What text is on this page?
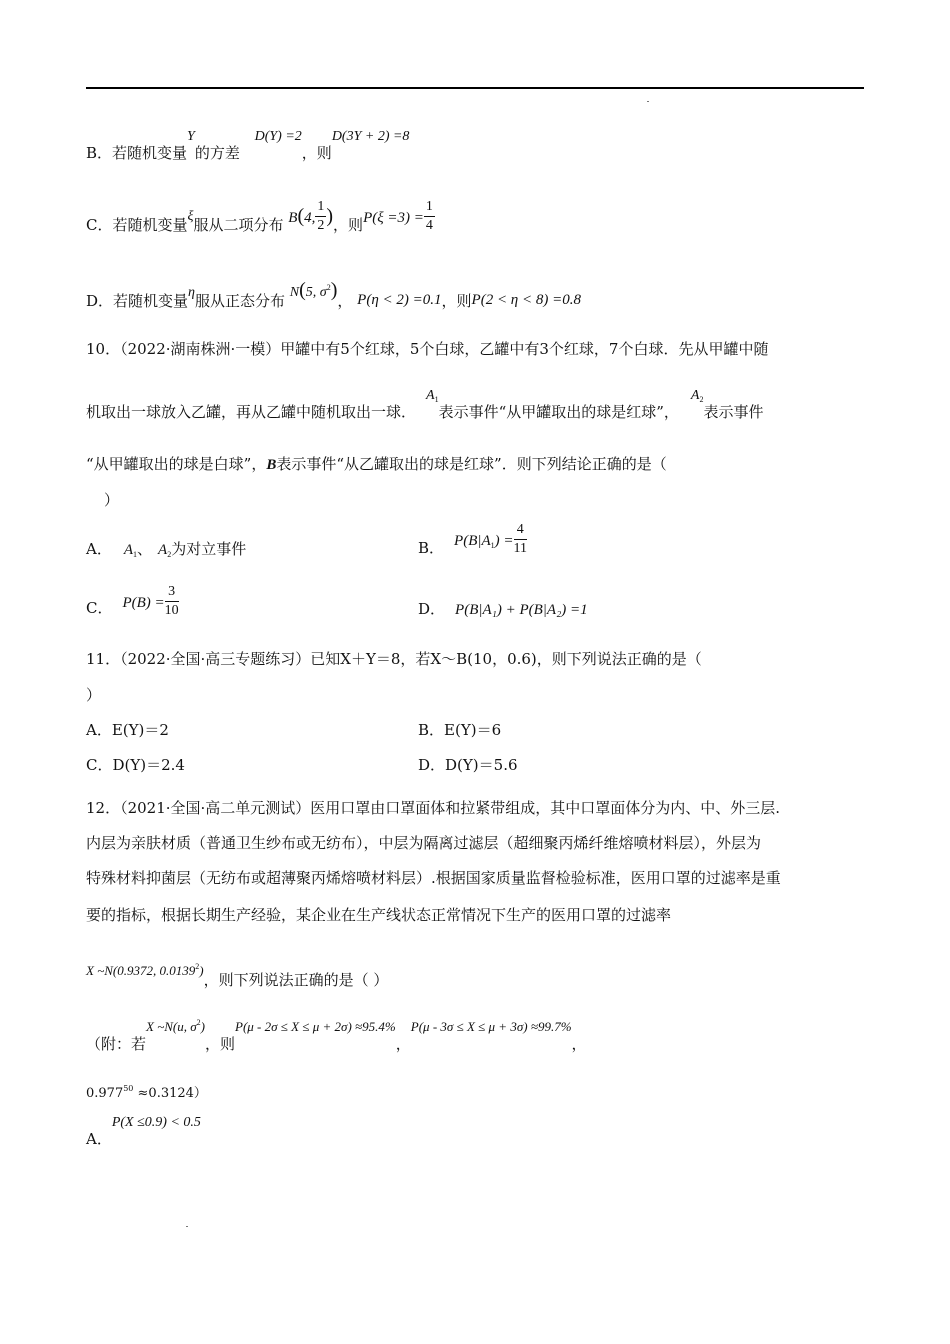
B．若随机变量Y的方差 D(Y) =2，则D(3Y + 2) =8
C．若随机变量ξ服从二项分布 B(4, $\frac{1}{2}$ )，则$P(\xi =3) = \frac{1}{4}$
D．若随机变量η服从正态分布 N(5, $\sigma^2$)， P(η < 2) =0.1，则P(2 < η < 8) =0.8
10．（2022·湖南株洲·一模）甲罐中有5个红球，5个白球，乙罐中有3个红球，7个白球．先从甲罐中随
机取出一球放入乙罐，再从乙罐中随机取出一球．$A_1$表示事件“从甲罐取出的球是红球”，$A_2$表示事件
“从甲罐取出的球是白球”，B表示事件“从乙罐取出的球是红球”．则下列结论正确的是（
）
A． $A_1$、 $A_2$为对立事件	B． $P(B|A_1) = \frac{4}{11}$
C． $P(B) = \frac{3}{10}$	D． P(B|A₁) + P(B|A₂) =1
11．（2022·全国·高三专题练习）已知X＋Y＝8，若X～B(10，0.6)，则下列说法正确的是（
）
A．E(Y)＝2	B．E(Y)＝6
C．D(Y)＝2.4	D．D(Y)＝5.6
12．（2021·全国·高二单元测试）医用口罩由口罩面体和拉紧带组成，其中口罩面体分为内、中、外三层.
内层为亲肤材质（普通卫生纱布或无纺布），中层为隔离过滤层（超细聚丙烯纤维熔喷材料层），外层为
特殊材料抑菌层（无纺布或超薄聚丙烯熔喷材料层）.根据国家质量监督检验标准，医用口罩的过滤率是重
要的指标，根据长期生产经验，某企业在生产线状态正常情况下生产的医用口罩的过滤率
X ~N(0.9372, 0.0139$^2$)，则下列说法正确的是（ ）
（附：若X ~N(u, $\sigma^2$)，则P(μ - 2σ ≤ X ≤ μ + 2σ) ≈95.4%，P(μ - 3σ ≤ X ≤ μ + 3σ) ≈99.7%，
$0.977^{50} \approx 0.3124$）
A．P(X ≤0.9) < 0.5
